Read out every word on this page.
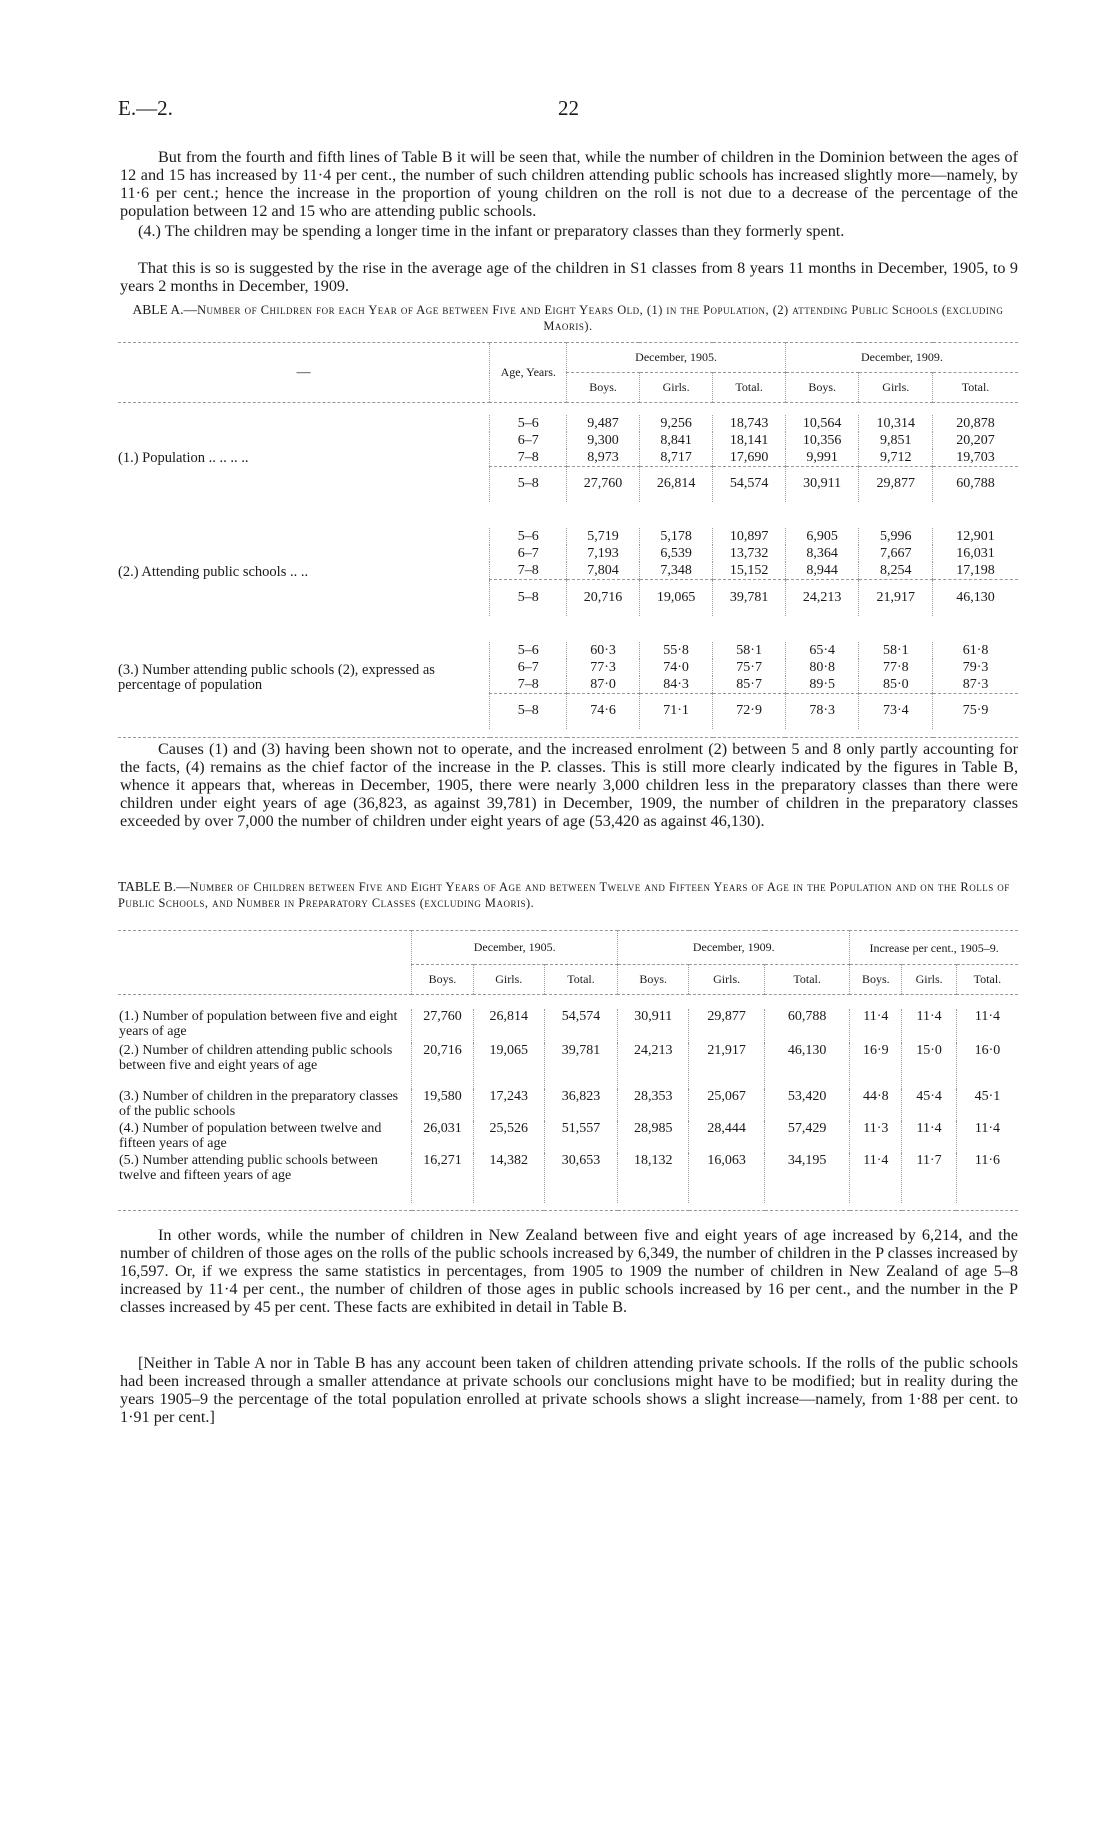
E.—2.	22

But from the fourth and fifth lines of Table B it will be seen that, while the number of children in the Dominion between the ages of 12 and 15 has increased by 11·4 per cent., the number of such children attending public schools has increased slightly more—namely, by 11·6 per cent.; hence the increase in the proportion of young children on the roll is not due to a decrease of the percentage of the population between 12 and 15 who are attending public schools.

(4.) The children may be spending a longer time in the infant or preparatory classes than they formerly spent.

That this is so is suggested by the rise in the average age of the children in S1 classes from 8 years 11 months in December, 1905, to 9 years 2 months in December, 1909.

ABLE A.—Number of Children for each Year of Age between Five and Eight Years Old, (1) in the Population, (2) attending Public Schools (excluding Maoris).
—	Age, Years.	December, 1905.			December, 1909.		
		Boys.	Girls.	Total.	Boys.	Girls.	Total.

(1.) Population .. .. .. ..	5–6	9,487	9,256	18,743	10,564	10,314	20,878
	6–7	9,300	8,841	18,141	10,356	9,851	20,207
	7–8	8,973	8,717	17,690	9,991	9,712	19,703
	5–8	27,760	26,814	54,574	30,911	29,877	60,788

(2.) Attending public schools .. ..	5–6	5,719	5,178	10,897	6,905	5,996	12,901
	6–7	7,193	6,539	13,732	8,364	7,667	16,031
	7–8	7,804	7,348	15,152	8,944	8,254	17,198
	5–8	20,716	19,065	39,781	24,213	21,917	46,130

(3.) Number attending public schools (2), expressed as percentage of population	5–6	60·3	55·8	58·1	65·4	58·1	61·8
	6–7	77·3	74·0	75·7	80·8	77·8	79·3
	7–8	87·0	84·3	85·7	89·5	85·0	87·3
	5–8	74·6	71·1	72·9	78·3	73·4	75·9

Causes (1) and (3) having been shown not to operate, and the increased enrolment (2) between 5 and 8 only partly accounting for the facts, (4) remains as the chief factor of the increase in the P. classes. This is still more clearly indicated by the figures in Table B, whence it appears that, whereas in December, 1905, there were nearly 3,000 children less in the preparatory classes than there were children under eight years of age (36,823, as against 39,781) in December, 1909, the number of children in the preparatory classes exceeded by over 7,000 the number of children under eight years of age (53,420 as against 46,130).

TABLE B.—Number of Children between Five and Eight Years of Age and between Twelve and Fifteen Years of Age in the Population and on the Rolls of Public Schools, and Number in Preparatory Classes (excluding Maoris).
	December, 1905.			December, 1909.			Increase per cent., 1905–9.		
	Boys.	Girls.	Total.	Boys.	Girls.	Total.	Boys.	Girls.	Total.

(1.) Number of population between five and eight years of age	27,760	26,814	54,574	30,911	29,877	60,788	11·4	11·4	11·4
(2.) Number of children attending public schools between five and eight years of age	20,716	19,065	39,781	24,213	21,917	46,130	16·9	15·0	16·0
(3.) Number of children in the preparatory classes of the public schools	19,580	17,243	36,823	28,353	25,067	53,420	44·8	45·4	45·1
(4.) Number of population between twelve and fifteen years of age	26,031	25,526	51,557	28,985	28,444	57,429	11·3	11·4	11·4
(5.) Number attending public schools between twelve and fifteen years of age	16,271	14,382	30,653	18,132	16,063	34,195	11·4	11·7	11·6

In other words, while the number of children in New Zealand between five and eight years of age increased by 6,214, and the number of children of those ages on the rolls of the public schools increased by 6,349, the number of children in the P classes increased by 16,597. Or, if we express the same statistics in percentages, from 1905 to 1909 the number of children in New Zealand of age 5–8 increased by 11·4 per cent., the number of children of those ages in public schools increased by 16 per cent., and the number in the P classes increased by 45 per cent. These facts are exhibited in detail in Table B.

[Neither in Table A nor in Table B has any account been taken of children attending private schools. If the rolls of the public schools had been increased through a smaller attendance at private schools our conclusions might have to be modified; but in reality during the years 1905–9 the percentage of the total population enrolled at private schools shows a slight increase—namely, from 1·88 per cent. to 1·91 per cent.]
